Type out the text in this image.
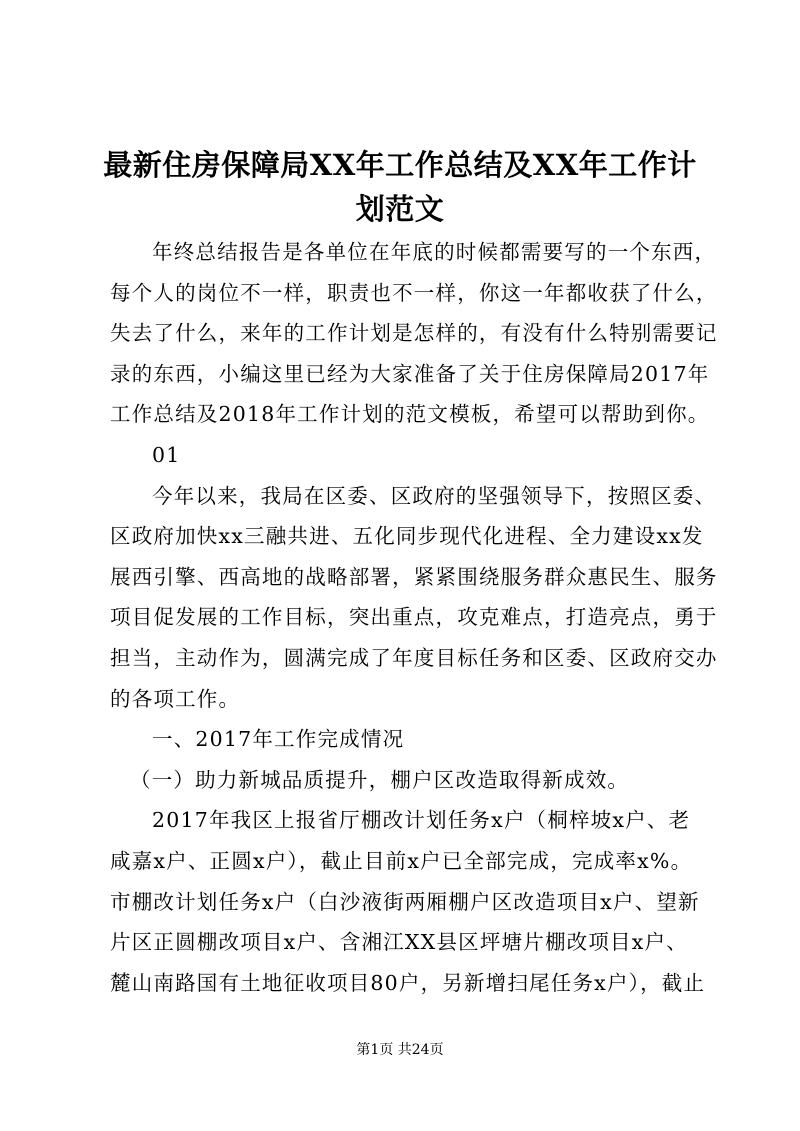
最新住房保障局XX年工作总结及XX年工作计
划范文
年终总结报告是各单位在年底的时候都需要写的一个东西，
每个人的岗位不一样，职责也不一样，你这一年都收获了什么，
失去了什么，来年的工作计划是怎样的，有没有什么特别需要记
录的东西，小编这里已经为大家准备了关于住房保障局2017年
工作总结及2018年工作计划的范文模板，希望可以帮助到你。
01
今年以来，我局在区委、区政府的坚强领导下，按照区委、
区政府加快xx三融共进、五化同步现代化进程、全力建设xx发
展西引擎、西高地的战略部署，紧紧围绕服务群众惠民生、服务
项目促发展的工作目标，突出重点，攻克难点，打造亮点，勇于
担当，主动作为，圆满完成了年度目标任务和区委、区政府交办
的各项工作。
一、2017年工作完成情况
（一）助力新城品质提升，棚户区改造取得新成效。
2017年我区上报省厅棚改计划任务x户（桐梓坡x户、老
咸嘉x户、正圆x户），截止目前x户已全部完成，完成率x%。
市棚改计划任务x户（白沙液街两厢棚户区改造项目x户、望新
片区正圆棚改项目x户、含湘江XX县区坪塘片棚改项目x户、
麓山南路国有土地征收项目80户，另新增扫尾任务x户），截止
第1页 共24页
